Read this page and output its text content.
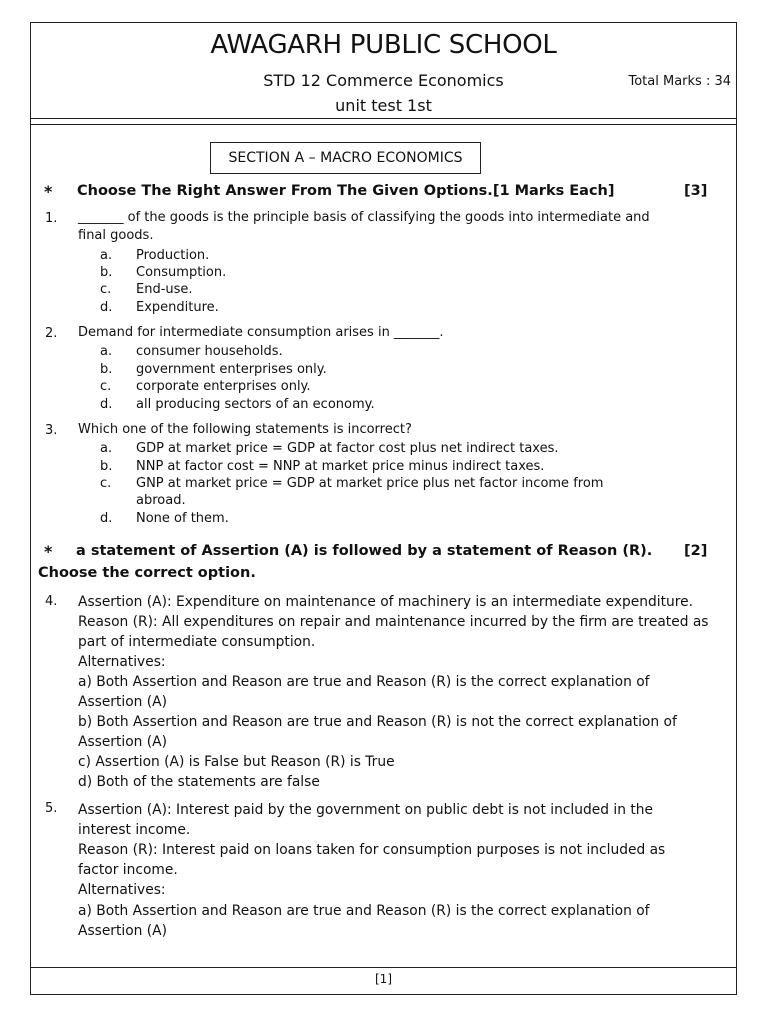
AWAGARH PUBLIC SCHOOL
STD 12 Commerce Economics
unit test 1st
Total Marks : 34
SECTION A – MACRO ECONOMICS
* Choose The Right Answer From The Given Options.[1 Marks Each]	[3]
1. _______ of the goods is the principle basis of classifying the goods into intermediate and
final goods.
a. Production.
b. Consumption.
c. End-use.
d. Expenditure.
2. Demand for intermediate consumption arises in _______.
a. consumer households.
b. government enterprises only.
c. corporate enterprises only.
d. all producing sectors of an economy.
3. Which one of the following statements is incorrect?
a. GDP at market price = GDP at factor cost plus net indirect taxes.
b. NNP at factor cost = NNP at market price minus indirect taxes.
c. GNP at market price = GDP at market price plus net factor income from
abroad.
d. None of them.
* a statement of Assertion (A) is followed by a statement of Reason (R). [2]
Choose the correct option.
4. Assertion (A): Expenditure on maintenance of machinery is an intermediate expenditure.
Reason (R): All expenditures on repair and maintenance incurred by the firm are treated as
part of intermediate consumption.
Alternatives:
a) Both Assertion and Reason are true and Reason (R) is the correct explanation of
Assertion (A)
b) Both Assertion and Reason are true and Reason (R) is not the correct explanation of
Assertion (A)
c) Assertion (A) is False but Reason (R) is True
d) Both of the statements are false
5. Assertion (A): Interest paid by the government on public debt is not included in the
interest income.
Reason (R): Interest paid on loans taken for consumption purposes is not included as
factor income.
Alternatives:
a) Both Assertion and Reason are true and Reason (R) is the correct explanation of
Assertion (A)
[1]
